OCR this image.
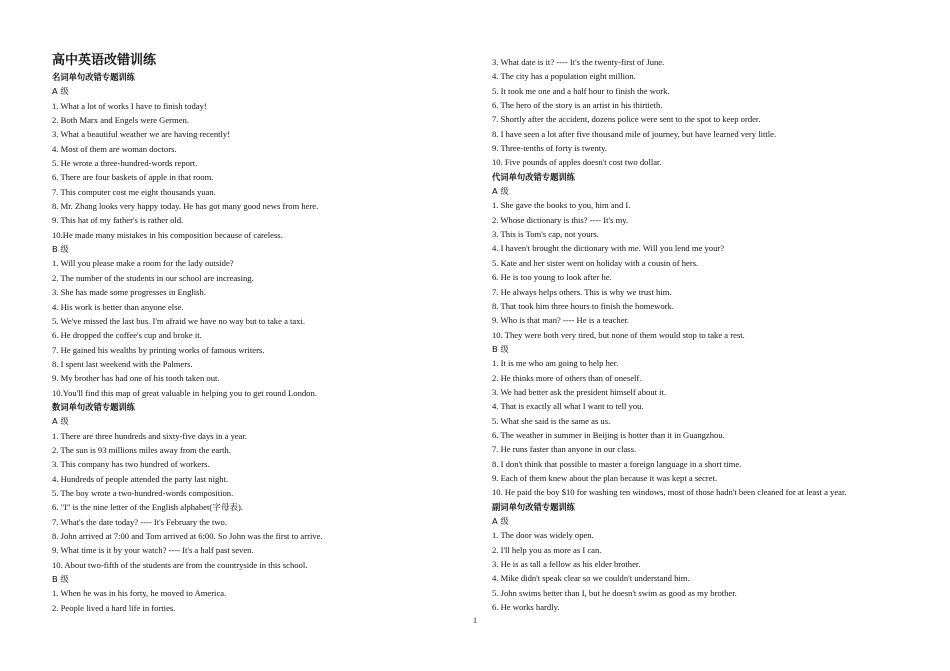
高中英语改错训练
名词单句改错专题训练
A 级
1. What a lot of works I have to finish today!
2. Both Marx and Engels were Germen.
3. What a beautiful weather we are having recently!
4. Most of them are woman doctors.
5. He wrote a three-hundred-words report.
6. There are four baskets of apple in that room.
7. This computer cost me eight thousands yuan.
8. Mr. Zhang looks very happy today. He has got many good news from here.
9. This hat of my father's is rather old.
10.He made many mistakes in his composition because of careless.
B 级
1. Will you please make a room for the lady outside?
2. The number of the students in our school are increasing.
3. She has made some progresses in English.
4. His work is better than anyone else.
5. We've missed the last bus. I'm afraid we have no way but to take a taxi.
6. He dropped the coffee's cup and broke it.
7. He gained his wealths by printing works of famous writers.
8. I spent last weekend with the Palmers.
9. My brother has had one of his tooth taken out.
10.You'll find this map of great valuable in helping you to get round London.
数词单句改错专题训练
A 级
1. There are three hundreds and sixty-five days in a year.
2. The sun is 93 millions miles away from the earth.
3. This company has two hundred of workers.
4. Hundreds of people attended the party last night.
5. The boy wrote a two-hundred-words composition.
6. "I" is the nine letter of the English alphabet(字母表).
7. What's the date today? ---- It's February the two.
8. John arrived at 7:00 and Tom arrived at 6:00. So John was the first to arrive.
9. What time is it by your watch? ---- It's a half past seven.
10. About two-fifth of the students are from the countryside in this school.
B 级
1. When he was in his forty, he moved to America.
2. People lived a hard life in forties.
3. What date is it? ---- It's the twenty-first of June.
4. The city has a population eight million.
5. It took me one and a half hour to finish the work.
6. The hero of the story is an artist in his thirtieth.
7. Shortly after the accident, dozens police were sent to the spot to keep order.
8. I have seen a lot after five thousand mile of journey, but have learned very little.
9. Three-tenths of forty is twenty.
10. Five pounds of apples doesn't cost two dollar.
代词单句改错专题训练
A 级
1. She gave the books to you, him and I.
2. Whose dictionary is this? ---- It's my.
3. This is Tom's cap, not yours.
4. I haven't brought the dictionary with me. Will you lend me your?
5. Kate and her sister went on holiday with a cousin of hers.
6. He is too young to look after he.
7. He always helps others. This is why we trust him.
8. That took him three hours to finish the homework.
9. Who is that man? ---- He is a teacher.
10. They were both very tired, but none of them would stop to take a rest.
B 级
1. It is me who am going to help her.
2. He thinks more of others than of oneself.
3. We had better ask the president himself about it.
4. That is exactly all what I want to tell you.
5. What she said is the same as us.
6. The weather in summer in Beijing is hotter than it in Guangzhou.
7. He runs faster than anyone in our class.
8. I don't think that possible to master a foreign language in a short time.
9. Each of them knew about the plan because it was kept a secret.
10. He paid the boy $10 for washing ten windows, most of those hadn't been cleaned for at least a year.
副词单句改错专题训练
A 级
1. The door was widely open.
2. I'll help you as more as I can.
3. He is as tall a fellow as his elder brother.
4. Mike didn't speak clear so we couldn't understand him.
5. John swims better than I, but he doesn't swim as good as my brother.
6. He works hardly.
1
